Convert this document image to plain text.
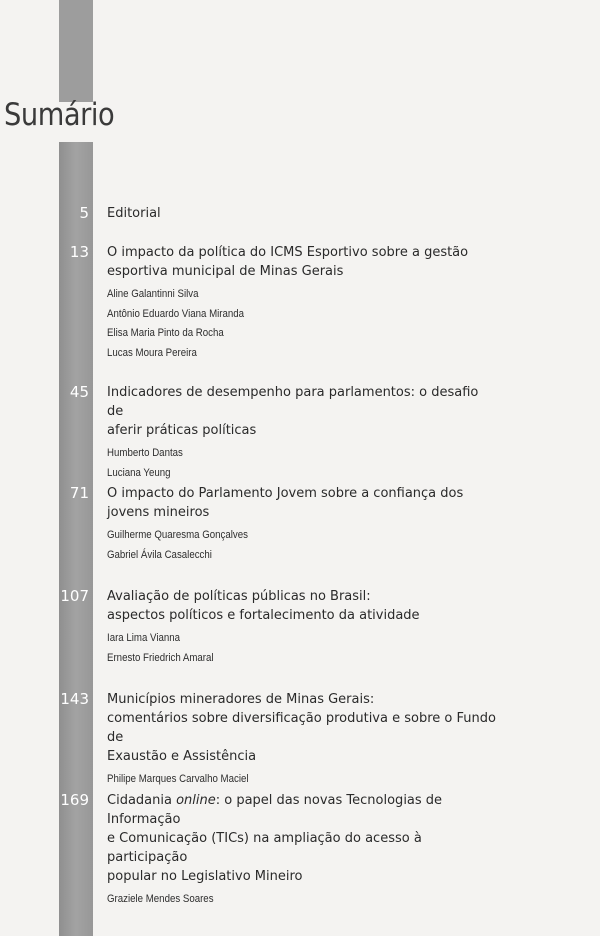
Sumário
5 Editorial

13 O impacto da política do ICMS Esportivo sobre a gestão
esportiva municipal de Minas Gerais

Aline Galantinni Silva
Antônio Eduardo Viana Miranda
Elisa Maria Pinto da Rocha
Lucas Moura Pereira
45 Indicadores de desempenho para parlamentos: o desafio de
aferir práticas políticas

Humberto Dantas
Luciana Yeung
71 O impacto do Parlamento Jovem sobre a confiança dos
jovens mineiros

Guilherme Quaresma Gonçalves
Gabriel Ávila Casalecchi
107 Avaliação de políticas públicas no Brasil:
aspectos políticos e fortalecimento da atividade

Iara Lima Vianna
Ernesto Friedrich Amaral
143 Municípios mineradores de Minas Gerais:
comentários sobre diversificação produtiva e sobre o Fundo de
Exaustão e Assistência

Philipe Marques Carvalho Maciel
169 Cidadania online: o papel das novas Tecnologias de Informação
e Comunicação (TICs) na ampliação do acesso à participação
popular no Legislativo Mineiro

Graziele Mendes Soares
